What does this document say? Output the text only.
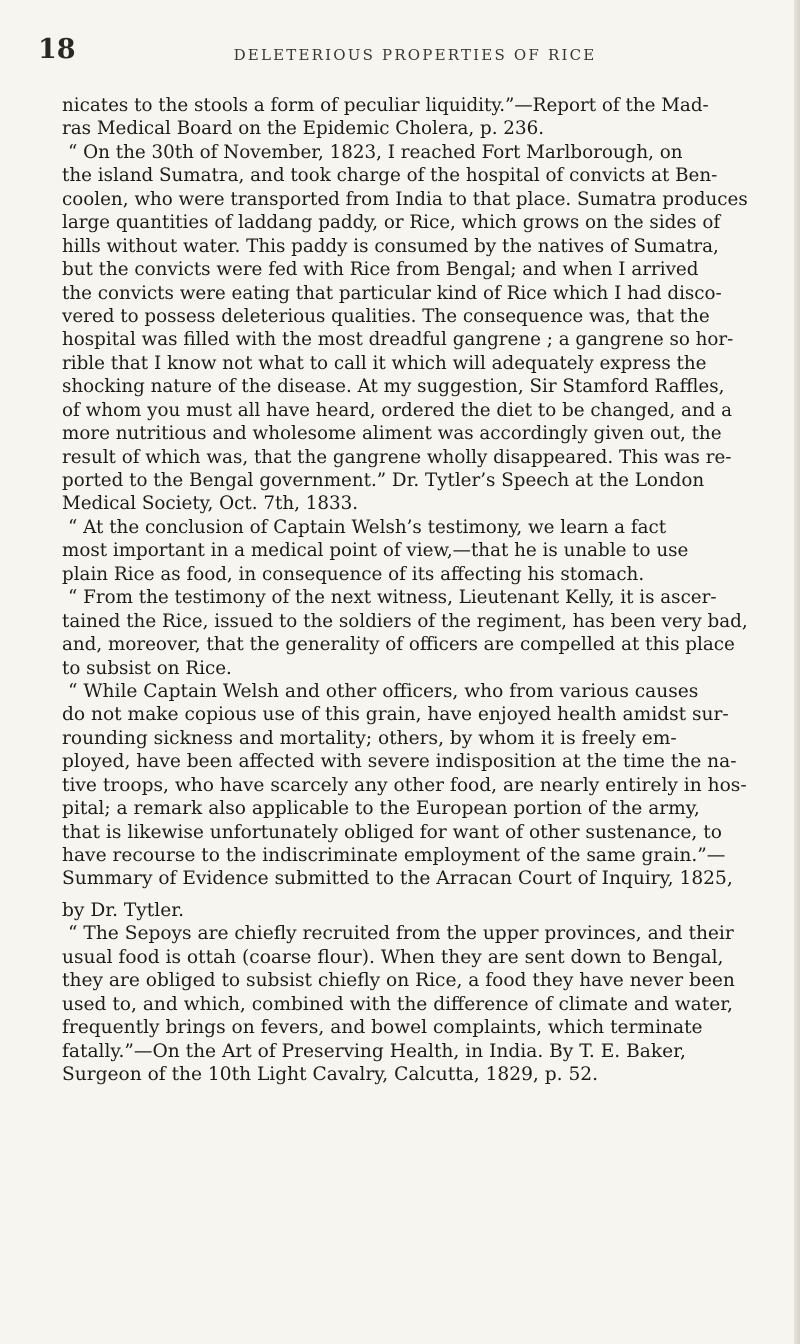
18	DELETERIOUS PROPERTIES OF RICE
nicates to the stools a form of peculiar liquidity.”—Report of the Mad-
ras Medical Board on the Epidemic Cholera, p. 236.
“ On the 30th of November, 1823, I reached Fort Marlborough, on
the island Sumatra, and took charge of the hospital of convicts at Ben-
coolen, who were transported from India to that place. Sumatra produces
large quantities of laddang paddy, or Rice, which grows on the sides of
hills without water. This paddy is consumed by the natives of Sumatra,
but the convicts were fed with Rice from Bengal; and when I arrived
the convicts were eating that particular kind of Rice which I had disco-
vered to possess deleterious qualities. The consequence was, that the
hospital was filled with the most dreadful gangrene ; a gangrene so hor-
rible that I know not what to call it which will adequately express the
shocking nature of the disease. At my suggestion, Sir Stamford Raffles,
of whom you must all have heard, ordered the diet to be changed, and a
more nutritious and wholesome aliment was accordingly given out, the
result of which was, that the gangrene wholly disappeared. This was re-
ported to the Bengal government.” Dr. Tytler’s Speech at the London
Medical Society, Oct. 7th, 1833.
“ At the conclusion of Captain Welsh’s testimony, we learn a fact
most important in a medical point of view,—that he is unable to use
plain Rice as food, in consequence of its affecting his stomach.
“ From the testimony of the next witness, Lieutenant Kelly, it is ascer-
tained the Rice, issued to the soldiers of the regiment, has been very bad,
and, moreover, that the generality of officers are compelled at this place
to subsist on Rice.
“ While Captain Welsh and other officers, who from various causes
do not make copious use of this grain, have enjoyed health amidst sur-
rounding sickness and mortality; others, by whom it is freely em-
ployed, have been affected with severe indisposition at the time the na-
tive troops, who have scarcely any other food, are nearly entirely in hos-
pital; a remark also applicable to the European portion of the army,
that is likewise unfortunately obliged for want of other sustenance, to
have recourse to the indiscriminate employment of the same grain.”—
Summary of Evidence submitted to the Arracan Court of Inquiry, 1825,
by Dr. Tytler.
“ The Sepoys are chiefly recruited from the upper provinces, and their
usual food is ottah (coarse flour). When they are sent down to Bengal,
they are obliged to subsist chiefly on Rice, a food they have never been
used to, and which, combined with the difference of climate and water,
frequently brings on fevers, and bowel complaints, which terminate
fatally.”—On the Art of Preserving Health, in India. By T. E. Baker,
Surgeon of the 10th Light Cavalry, Calcutta, 1829, p. 52.
